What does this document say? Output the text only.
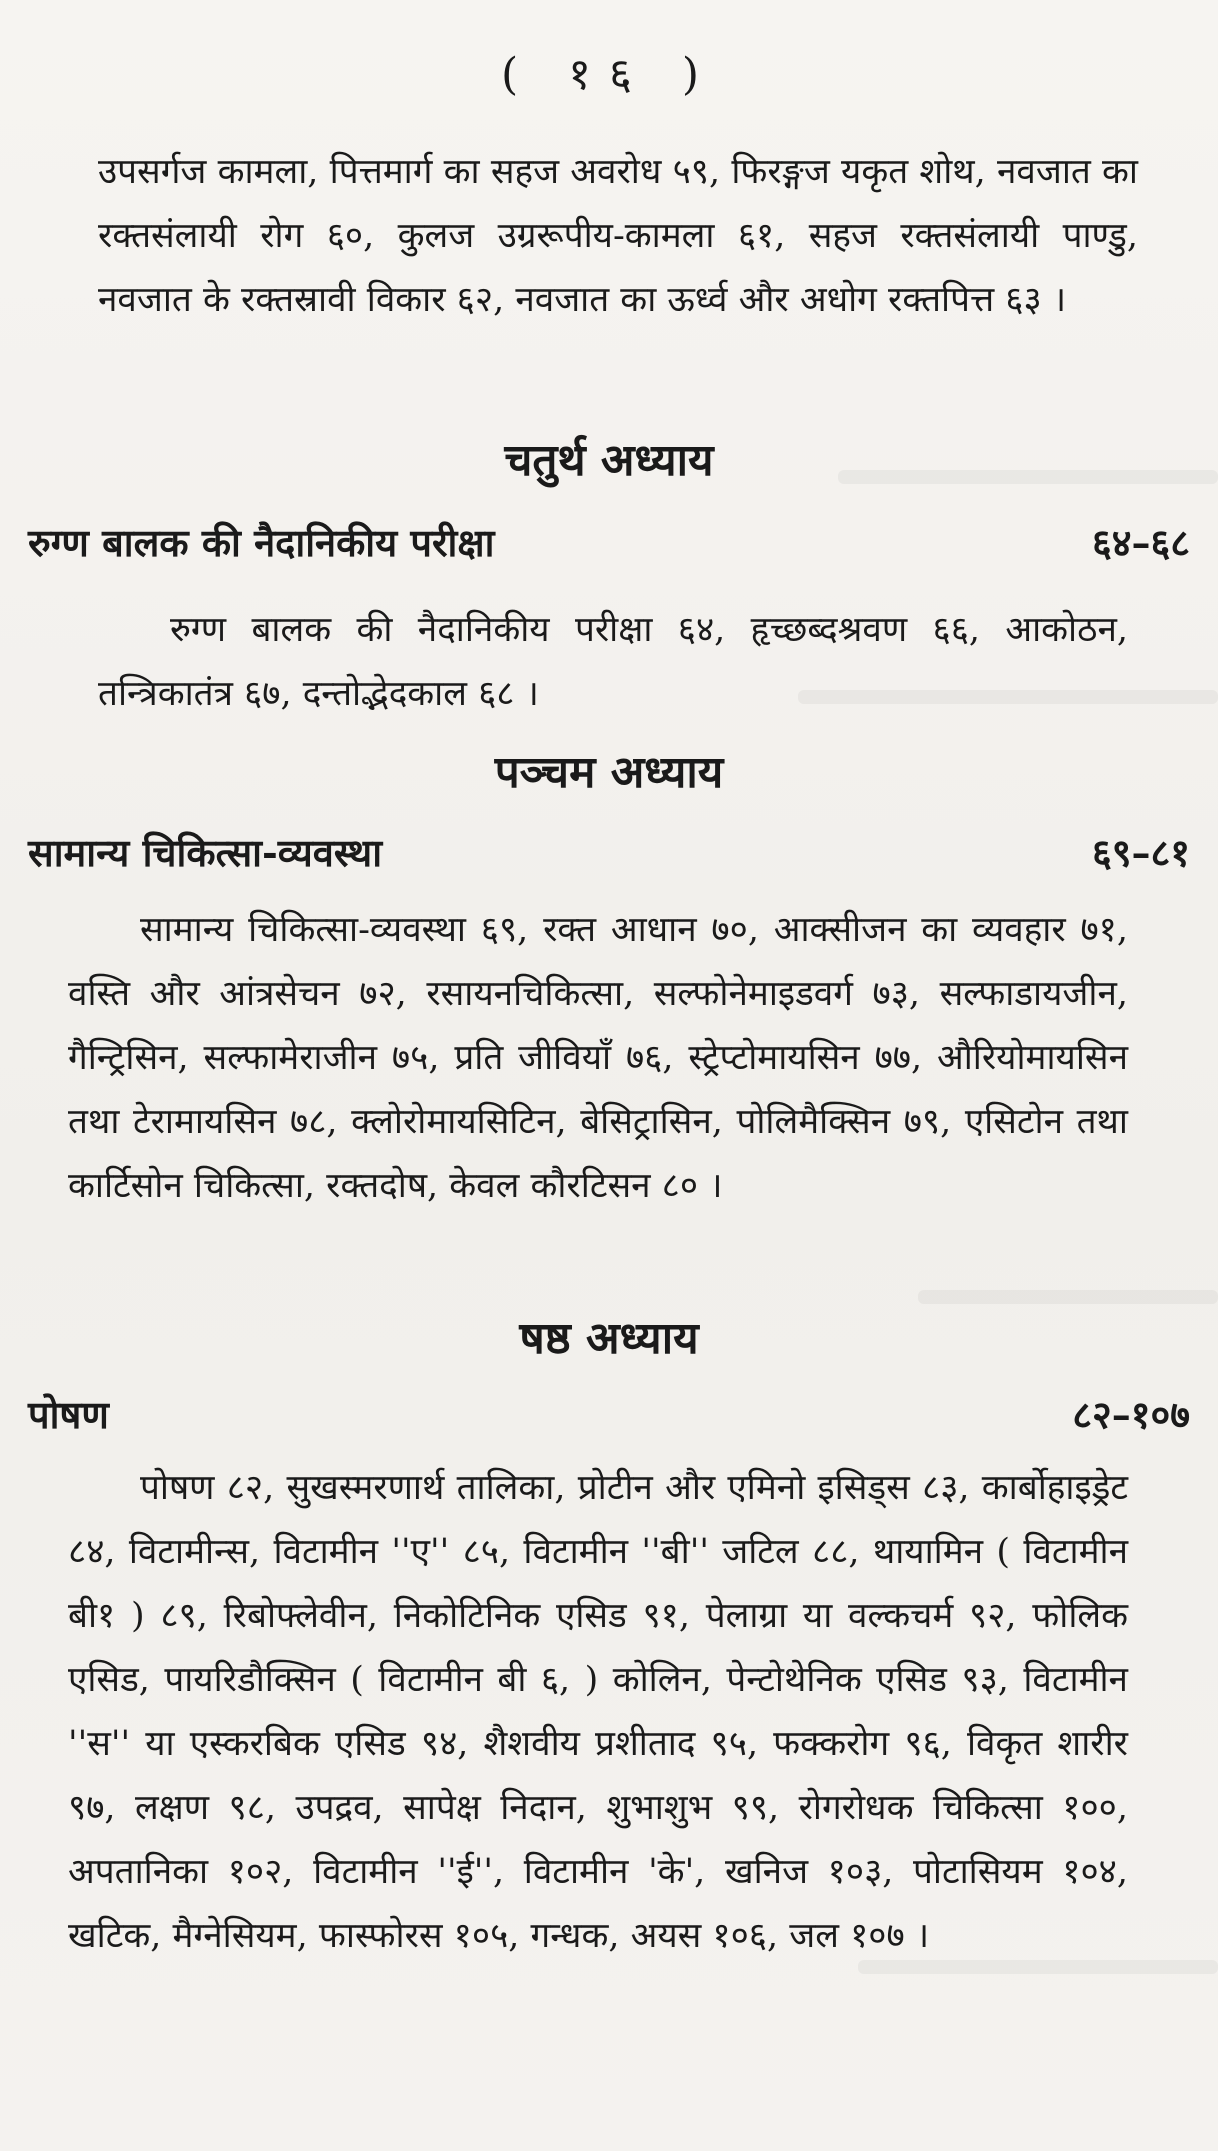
( १६ )

उपसर्गज कामला, पित्तमार्ग का सहज अवरोध ५९, फिरङ्गज यकृत शोथ, नवजात का रक्तसंलायी रोग ६०, कुलज उग्ररूपीय-कामला ६१, सहज रक्तसंलायी पाण्डु, नवजात के रक्तस्रावी विकार ६२, नवजात का ऊर्ध्व और अधोग रक्तपित्त ६३ ।

चतुर्थ अध्याय
रुग्ण बालक की नैदानिकीय परीक्षा	६४–६८

रुग्ण बालक की नैदानिकीय परीक्षा ६४, हृच्छब्दश्रवण ६६, आकोठन, तन्त्रिकातंत्र ६७, दन्तोद्भेदकाल ६८ ।

पञ्चम अध्याय
सामान्य चिकित्सा-व्यवस्था	६९–८१

सामान्य चिकित्सा-व्यवस्था ६९, रक्त आधान ७०, आक्सीजन का व्यवहार ७१, वस्ति और आंत्रसेचन ७२, रसायनचिकित्सा, सल्फोनेमाइडवर्ग ७३, सल्फाडायजीन, गैन्ट्रिसिन, सल्फामेराजीन ७५, प्रति जीवियाँ ७६, स्ट्रेप्टोमायसिन ७७, औरियोमायसिन तथा टेरामायसिन ७८, क्लोरोमायसिटिन, बेसिट्रासिन, पोलिमैक्सिन ७९, एसिटोन तथा कार्टिसोन चिकित्सा, रक्तदोष, केवल कौरटिसन ८० ।

षष्ठ अध्याय
पोषण	८२–१०७

पोषण ८२, सुखस्मरणार्थ तालिका, प्रोटीन और एमिनो इसिड्स ८३, कार्बोहाइड्रेट ८४, विटामीन्स, विटामीन ''ए'' ८५, विटामीन ''बी'' जटिल ८८, थायामिन ( विटामीन बी१ ) ८९, रिबोफ्लेवीन, निकोटिनिक एसिड ९१, पेलाग्रा या वल्कचर्म ९२, फोलिक एसिड, पायरिडौक्सिन ( विटामीन बी ६, ) कोलिन, पेन्टोथेनिक एसिड ९३, विटामीन ''स'' या एस्करबिक एसिड ९४, शैशवीय प्रशीताद ९५, फक्करोग ९६, विकृत शारीर ९७, लक्षण ९८, उपद्रव, सापेक्ष निदान, शुभाशुभ ९९, रोगरोधक चिकित्सा १००, अपतानिका १०२, विटामीन ''ई'', विटामीन 'के', खनिज १०३, पोटासियम १०४, खटिक, मैग्नेसियम, फास्फोरस १०५, गन्धक, अयस १०६, जल १०७ ।
